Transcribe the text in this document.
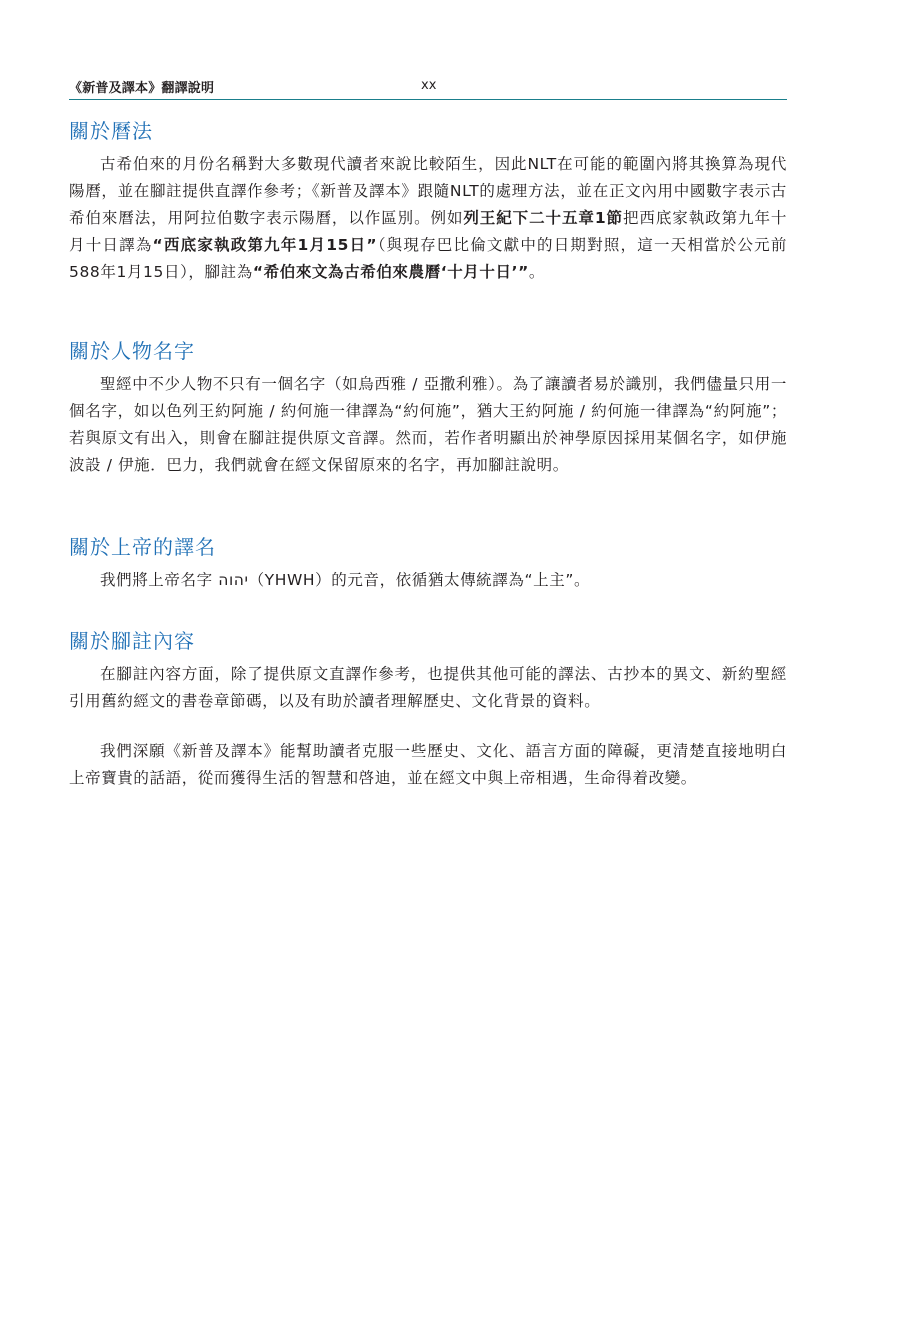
《新普及譯本》翻譯說明	xx
關於曆法

古希伯來的月份名稱對大多數現代讀者來說比較陌生，因此NLT在可能的範圍內將其換算為現代陽曆，並在腳註提供直譯作參考；《新普及譯本》跟隨NLT的處理方法，並在正文內用中國數字表示古希伯來曆法，用阿拉伯數字表示陽曆，以作區別。例如列王紀下二十五章1節把西底家執政第九年十月十日譯為“西底家執政第九年1月15日”（與現存巴比倫文獻中的日期對照，這一天相當於公元前588年1月15日），腳註為“希伯來文為古希伯來農曆‘十月十日’”。

關於人物名字

聖經中不少人物不只有一個名字（如烏西雅 / 亞撒利雅）。為了讓讀者易於識別，我們儘量只用一個名字，如以色列王約阿施 / 約何施一律譯為“約何施”，猶大王約阿施 / 約何施一律譯為“約阿施”；若與原文有出入，則會在腳註提供原文音譯。然而，若作者明顯出於神學原因採用某個名字，如伊施波設 / 伊施．巴力，我們就會在經文保留原來的名字，再加腳註說明。

關於上帝的譯名

我們將上帝名字 יהוה（YHWH）的元音，依循猶太傳統譯為“上主”。

關於腳註內容

在腳註內容方面，除了提供原文直譯作參考，也提供其他可能的譯法、古抄本的異文、新約聖經引用舊約經文的書卷章節碼，以及有助於讀者理解歷史、文化背景的資料。

我們深願《新普及譯本》能幫助讀者克服一些歷史、文化、語言方面的障礙，更清楚直接地明白上帝寶貴的話語，從而獲得生活的智慧和啓迪，並在經文中與上帝相遇，生命得着改變。
